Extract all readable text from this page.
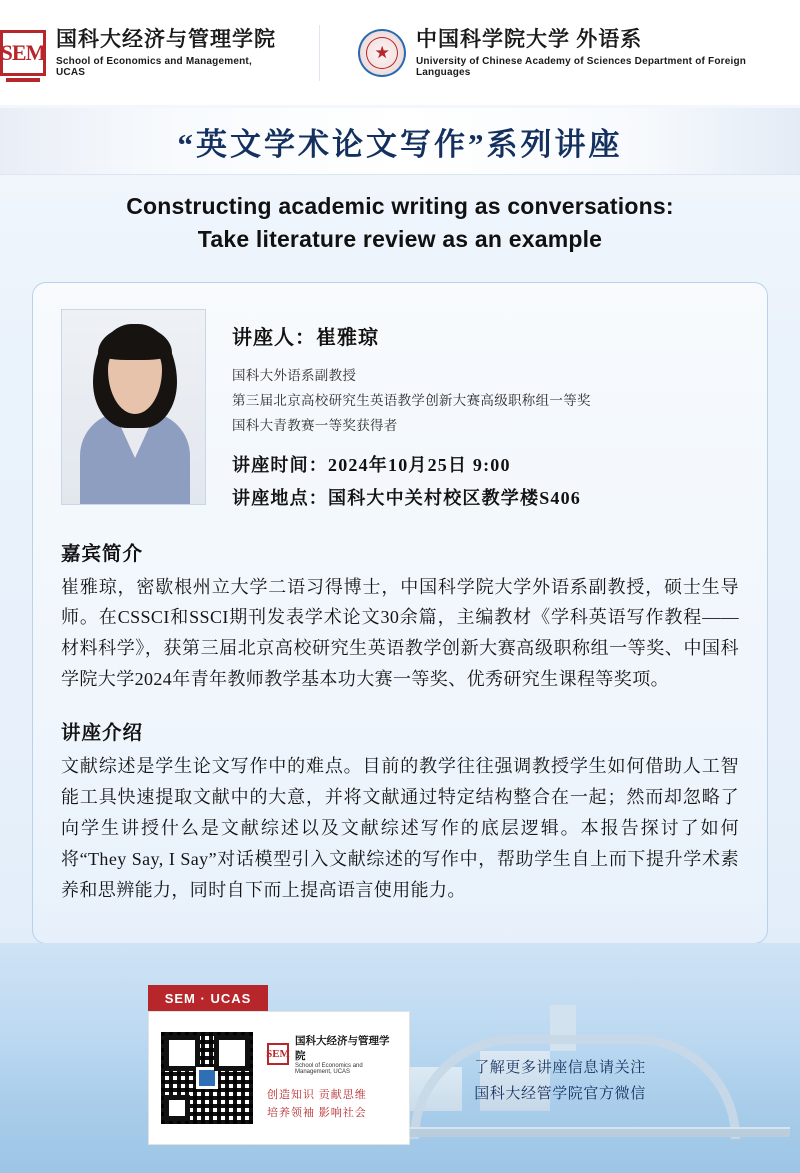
SEM
国科大经济与管理学院
School of Economics and Management, UCAS
中国科学院大学 外语系
University of Chinese Academy of Sciences Department of Foreign Languages
“英文学术论文写作”系列讲座
Constructing academic writing as conversations:
Take literature review as an example
讲座人：崔雅琼
国科大外语系副教授
第三届北京高校研究生英语教学创新大赛高级职称组一等奖
国科大青教赛一等奖获得者
讲座时间：2024年10月25日 9:00
讲座地点：国科大中关村校区教学楼S406
嘉宾简介
崔雅琼，密歇根州立大学二语习得博士，中国科学院大学外语系副教授，硕士生导师。在CSSCI和SSCI期刊发表学术论文30余篇，主编教材《学科英语写作教程——材料科学》，获第三届北京高校研究生英语教学创新大赛高级职称组一等奖、中国科学院大学2024年青年教师教学基本功大赛一等奖、优秀研究生课程等奖项。
讲座介绍
文献综述是学生论文写作中的难点。目前的教学往往强调教授学生如何借助人工智能工具快速提取文献中的大意，并将文献通过特定结构整合在一起；然而却忽略了向学生讲授什么是文献综述以及文献综述写作的底层逻辑。本报告探讨了如何将“They Say, I Say”对话模型引入文献综述的写作中，帮助学生自上而下提升学术素养和思辨能力，同时自下而上提高语言使用能力。
SEM · UCAS
SEM
国科大经济与管理学院
School of Economics and Management, UCAS
创造知识 贡献思维
培养领袖 影响社会
了解更多讲座信息请关注
国科大经管学院官方微信
